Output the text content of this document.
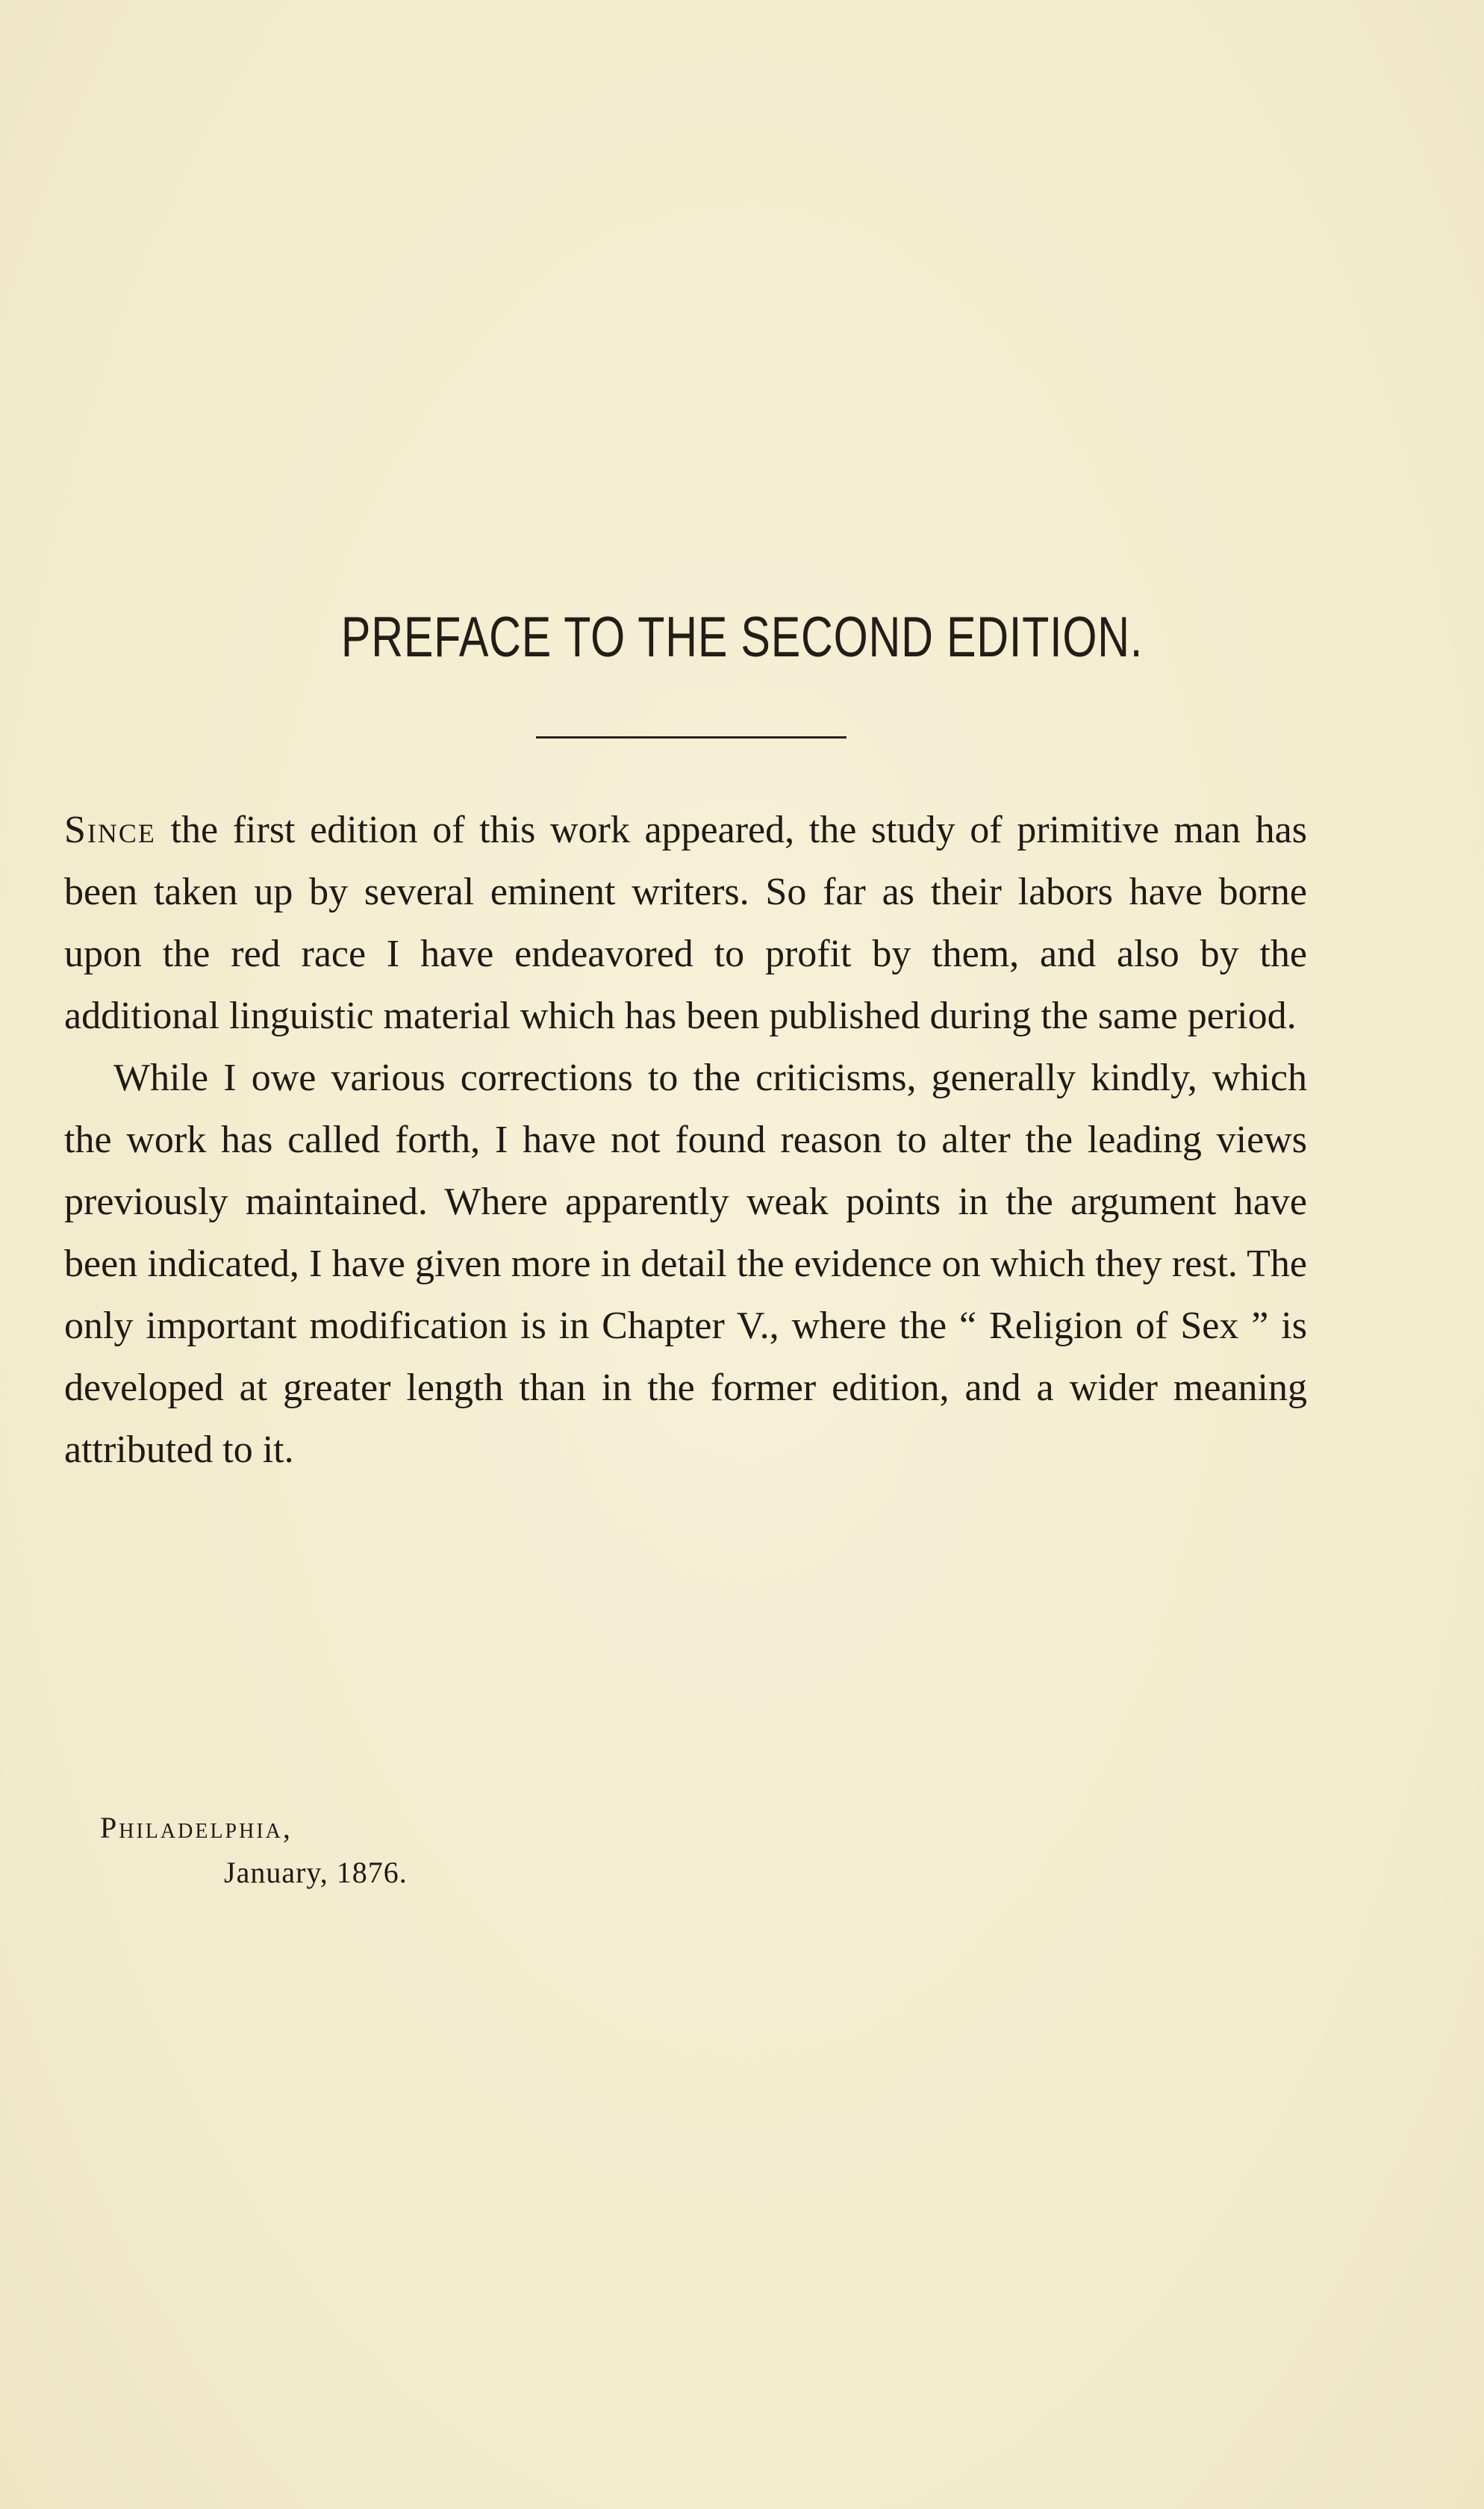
PREFACE TO THE SECOND EDITION.

Since the first edition of this work appeared, the study of primitive man has been taken up by several eminent writers. So far as their labors have borne upon the red race I have endeavored to profit by them, and also by the additional linguistic material which has been published during the same period.

While I owe various corrections to the criticisms, generally kindly, which the work has called forth, I have not found reason to alter the leading views previously maintained. Where apparently weak points in the argument have been indicated, I have given more in detail the evidence on which they rest. The only important modification is in Chapter V., where the “ Religion of Sex ” is developed at greater length than in the former edition, and a wider meaning attributed to it.

Philadelphia,

January, 1876.
